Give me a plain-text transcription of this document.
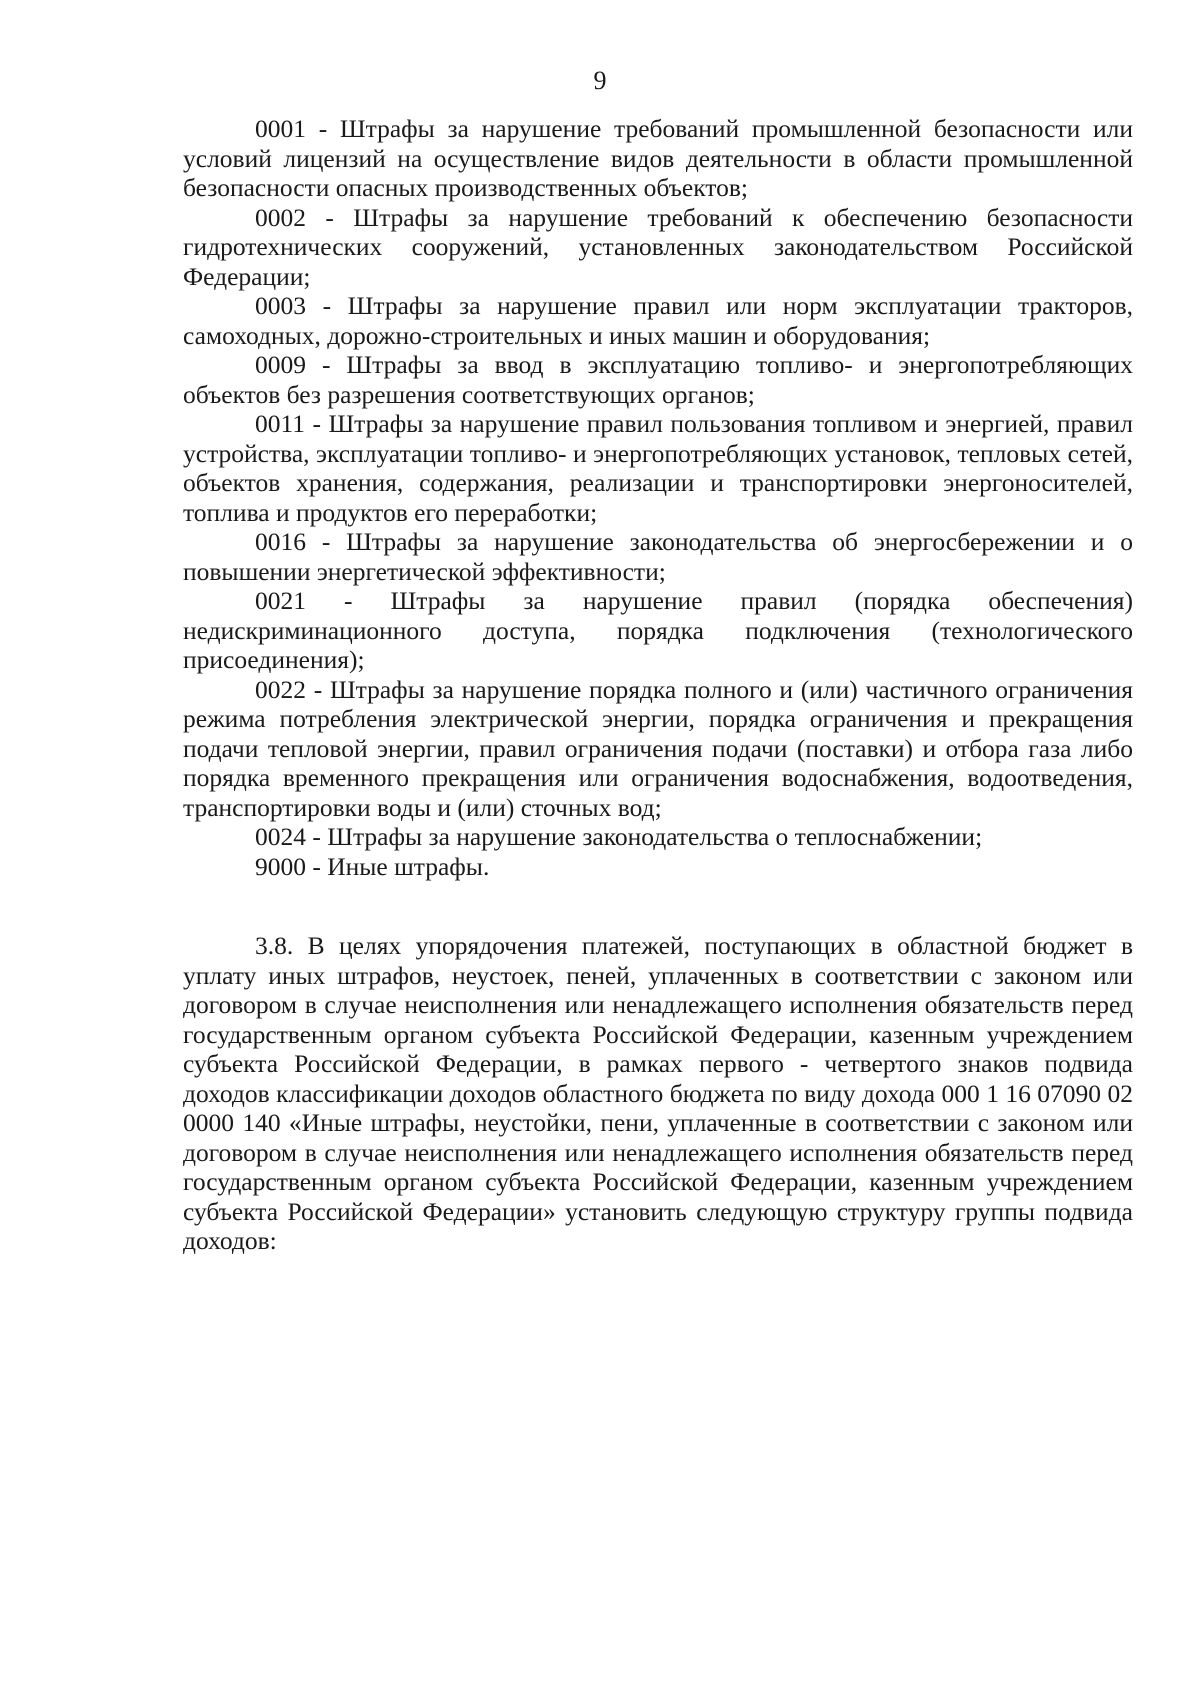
9

0001 - Штрафы за нарушение требований промышленной безопасности или условий лицензий на осуществление видов деятельности в области промышленной безопасности опасных производственных объектов;

0002 - Штрафы за нарушение требований к обеспечению безопасности гидротехнических сооружений, установленных законодательством Российской Федерации;

0003 - Штрафы за нарушение правил или норм эксплуатации тракторов, самоходных, дорожно-строительных и иных машин и оборудования;

0009 - Штрафы за ввод в эксплуатацию топливо- и энергопотребляющих объектов без разрешения соответствующих органов;

0011 - Штрафы за нарушение правил пользования топливом и энергией, правил устройства, эксплуатации топливо- и энергопотребляющих установок, тепловых сетей, объектов хранения, содержания, реализации и транспортировки энергоносителей, топлива и продуктов его переработки;

0016 - Штрафы за нарушение законодательства об энергосбережении и о повышении энергетической эффективности;

0021 - Штрафы за нарушение правил (порядка обеспечения) недискриминационного доступа, порядка подключения (технологического присоединения);

0022 - Штрафы за нарушение порядка полного и (или) частичного ограничения режима потребления электрической энергии, порядка ограничения и прекращения подачи тепловой энергии, правил ограничения подачи (поставки) и отбора газа либо порядка временного прекращения или ограничения водоснабжения, водоотведения, транспортировки воды и (или) сточных вод;

0024 - Штрафы за нарушение законодательства о теплоснабжении;

9000 - Иные штрафы.

3.8. В целях упорядочения платежей, поступающих в областной бюджет в уплату иных штрафов, неустоек, пеней, уплаченных в соответствии с законом или договором в случае неисполнения или ненадлежащего исполнения обязательств перед государственным органом субъекта Российской Федерации, казенным учреждением субъекта Российской Федерации, в рамках первого - четвертого знаков подвида доходов классификации доходов областного бюджета по виду дохода 000 1 16 07090 02 0000 140 «Иные штрафы, неустойки, пени, уплаченные в соответствии с законом или договором в случае неисполнения или ненадлежащего исполнения обязательств перед государственным органом субъекта Российской Федерации, казенным учреждением субъекта Российской Федерации» установить следующую структуру группы подвида доходов:
